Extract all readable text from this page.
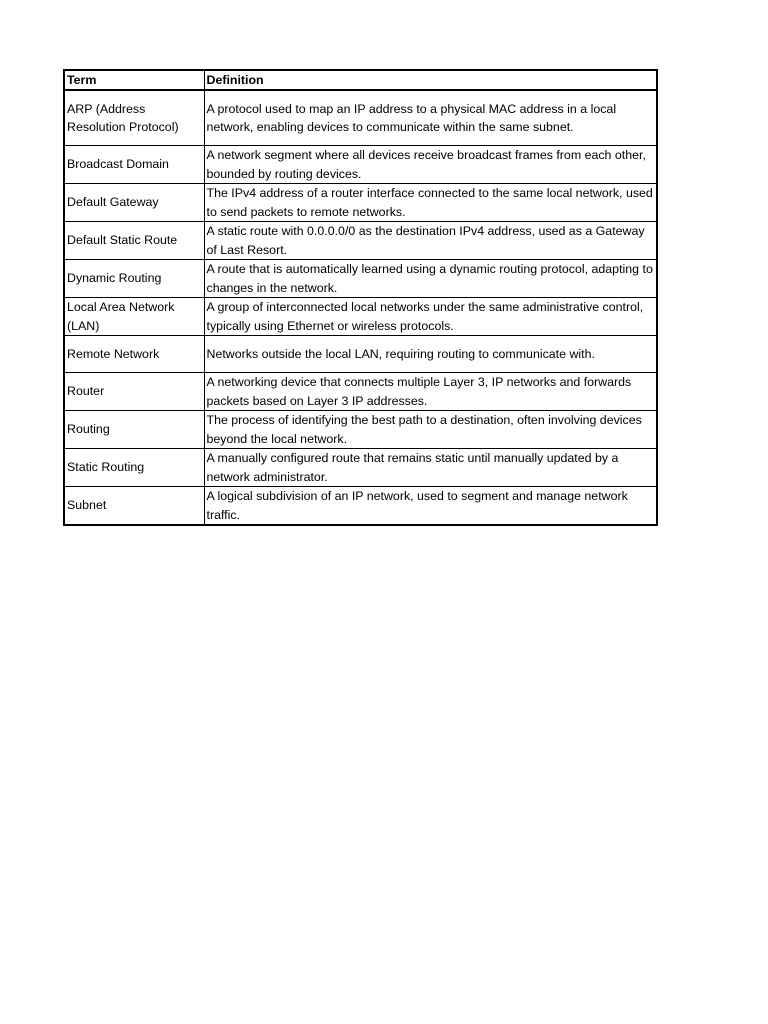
Term	Definition
ARP (Address Resolution Protocol)	A protocol used to map an IP address to a physical MAC address in a local network, enabling devices to communicate within the same subnet.
Broadcast Domain	A network segment where all devices receive broadcast frames from each other, bounded by routing devices.
Default Gateway	The IPv4 address of a router interface connected to the same local network, used to send packets to remote networks.
Default Static Route	A static route with 0.0.0.0/0 as the destination IPv4 address, used as a Gateway of Last Resort.
Dynamic Routing	A route that is automatically learned using a dynamic routing protocol, adapting to changes in the network.
Local Area Network (LAN)	A group of interconnected local networks under the same administrative control, typically using Ethernet or wireless protocols.
Remote Network	Networks outside the local LAN, requiring routing to communicate with.
Router	A networking device that connects multiple Layer 3, IP networks and forwards packets based on Layer 3 IP addresses.
Routing	The process of identifying the best path to a destination, often involving devices beyond the local network.
Static Routing	A manually configured route that remains static until manually updated by a network administrator.
Subnet	A logical subdivision of an IP network, used to segment and manage network traffic.
